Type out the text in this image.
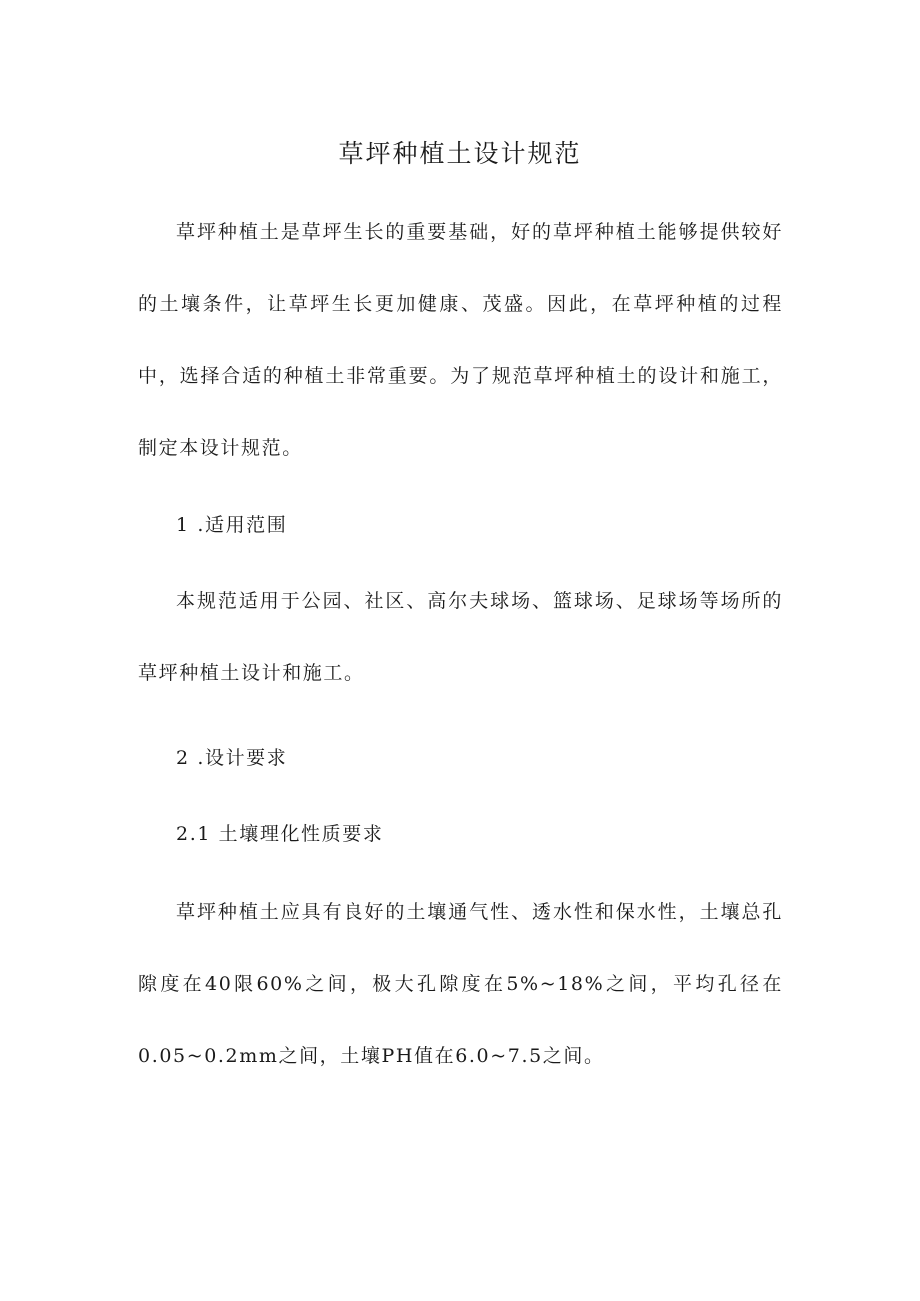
草坪种植土设计规范

草坪种植土是草坪生长的重要基础，好的草坪种植土能够提供较好的土壤条件，让草坪生长更加健康、茂盛。因此，在草坪种植的过程中，选择合适的种植土非常重要。为了规范草坪种植土的设计和施工，制定本设计规范。

1 .适用范围

本规范适用于公园、社区、高尔夫球场、篮球场、足球场等场所的草坪种植土设计和施工。

2 .设计要求

2.1 土壤理化性质要求

草坪种植土应具有良好的土壤通气性、透水性和保水性，土壤总孔隙度在40限60%之间，极大孔隙度在5%~18%之间，平均孔径在0.05~0.2mm之间，土壤PH值在6.0~7.5之间。
